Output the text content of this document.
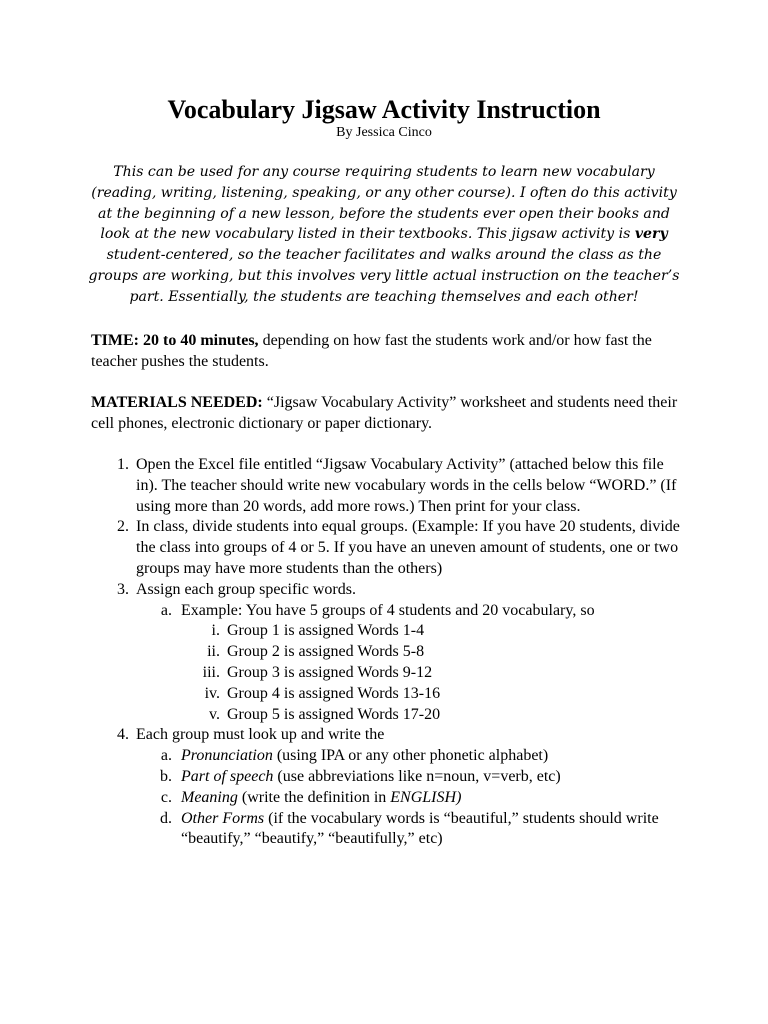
Vocabulary Jigsaw Activity Instruction
By Jessica Cinco
This can be used for any course requiring students to learn new vocabulary (reading, writing, listening, speaking, or any other course). I often do this activity at the beginning of a new lesson, before the students ever open their books and look at the new vocabulary listed in their textbooks. This jigsaw activity is very student-centered, so the teacher facilitates and walks around the class as the groups are working, but this involves very little actual instruction on the teacher’s part. Essentially, the students are teaching themselves and each other!
TIME: 20 to 40 minutes, depending on how fast the students work and/or how fast the teacher pushes the students.
MATERIALS NEEDED: “Jigsaw Vocabulary Activity” worksheet and students need their cell phones, electronic dictionary or paper dictionary.
1. Open the Excel file entitled “Jigsaw Vocabulary Activity” (attached below this file in). The teacher should write new vocabulary words in the cells below “WORD.” (If using more than 20 words, add more rows.) Then print for your class.
2. In class, divide students into equal groups. (Example: If you have 20 students, divide the class into groups of 4 or 5. If you have an uneven amount of students, one or two groups may have more students than the others)
3. Assign each group specific words.
a. Example: You have 5 groups of 4 students and 20 vocabulary, so
i. Group 1 is assigned Words 1-4
ii. Group 2 is assigned Words 5-8
iii. Group 3 is assigned Words 9-12
iv. Group 4 is assigned Words 13-16
v. Group 5 is assigned Words 17-20
4. Each group must look up and write the
a. Pronunciation (using IPA or any other phonetic alphabet)
b. Part of speech (use abbreviations like n=noun, v=verb, etc)
c. Meaning (write the definition in ENGLISH)
d. Other Forms (if the vocabulary words is “beautiful,” students should write “beautify,” “beautify,” “beautifully,” etc)
